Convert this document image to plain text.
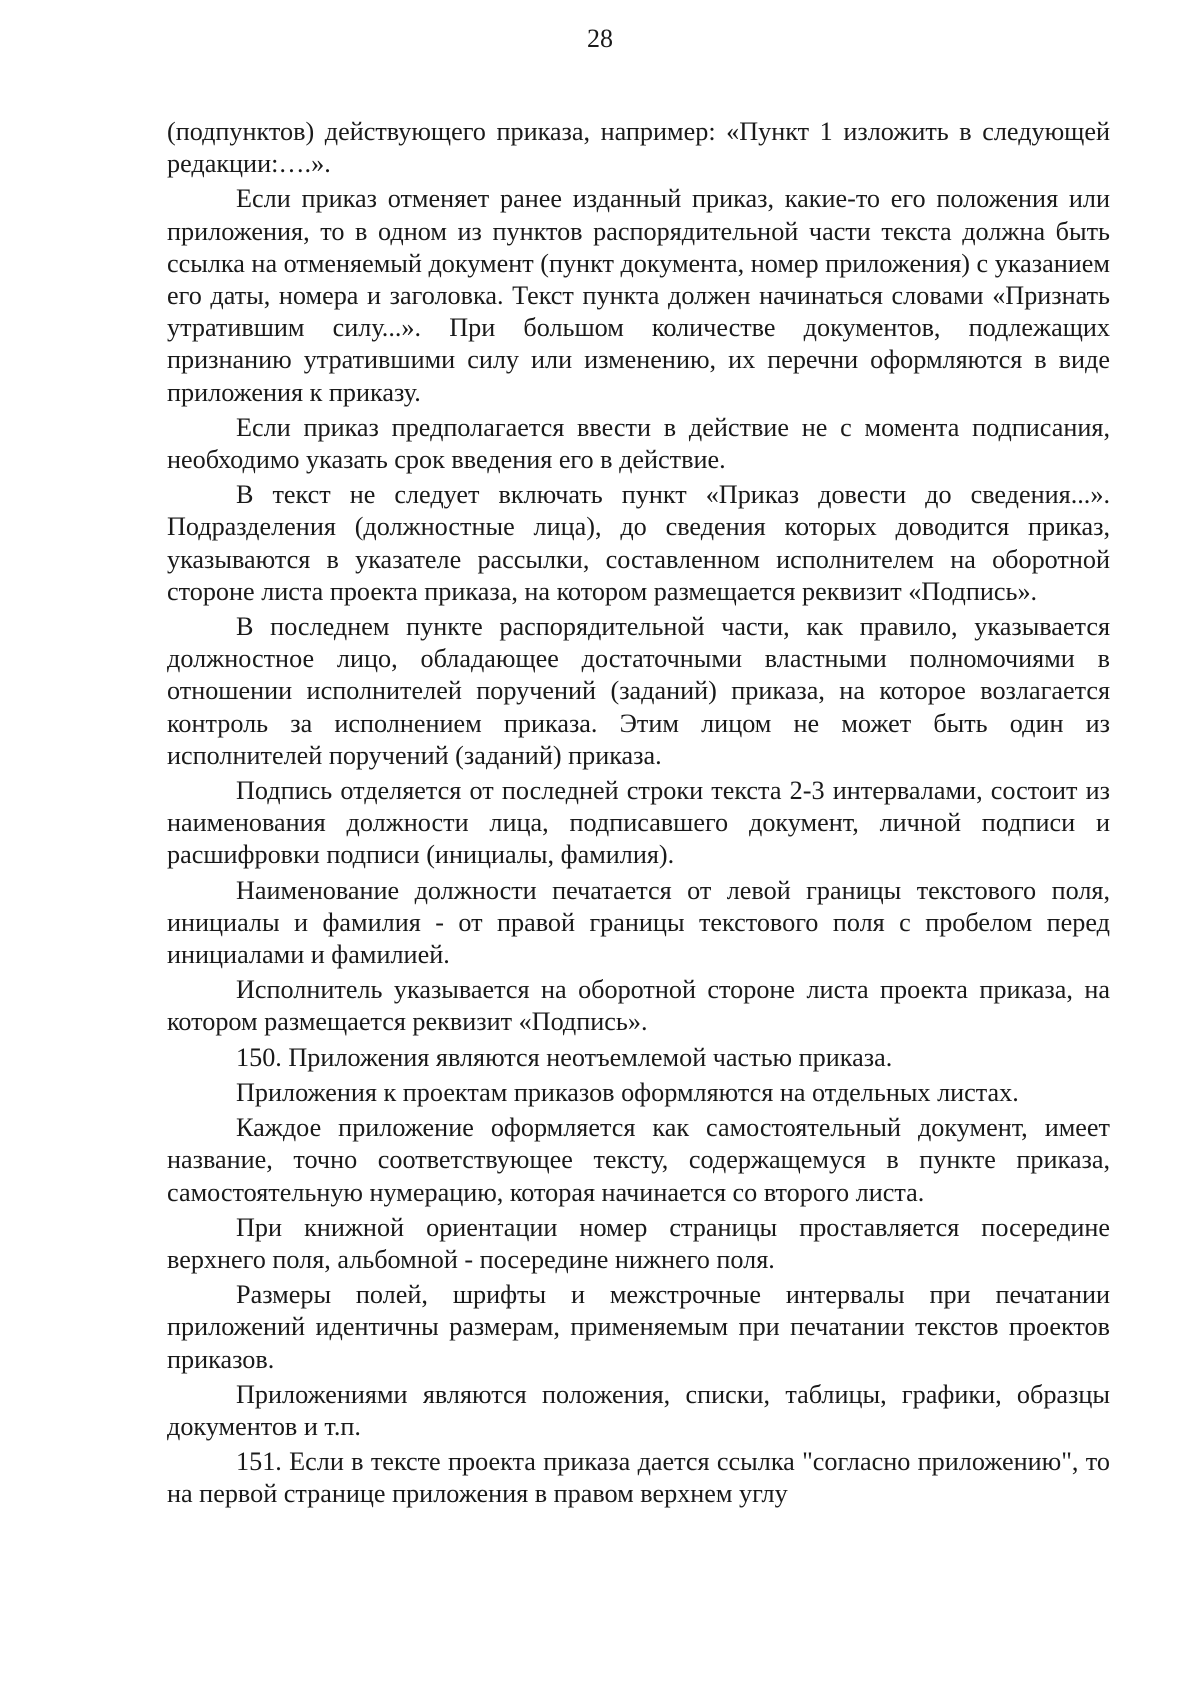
28

(подпунктов) действующего приказа, например: «Пункт 1 изложить в следующей редакции:….».

Если приказ отменяет ранее изданный приказ, какие-то его положения или приложения, то в одном из пунктов распорядительной части текста должна быть ссылка на отменяемый документ (пункт документа, номер приложения) с указанием его даты, номера и заголовка. Текст пункта должен начинаться словами «Признать утратившим силу...». При большом количестве документов, подлежащих признанию утратившими силу или изменению, их перечни оформляются в виде приложения к приказу.

Если приказ предполагается ввести в действие не с момента подписания, необходимо указать срок введения его в действие.

В текст не следует включать пункт «Приказ довести до сведения...». Подразделения (должностные лица), до сведения которых доводится приказ, указываются в указателе рассылки, составленном исполнителем на оборотной стороне листа проекта приказа, на котором размещается реквизит «Подпись».

В последнем пункте распорядительной части, как правило, указывается должностное лицо, обладающее достаточными властными полномочиями в отношении исполнителей поручений (заданий) приказа, на которое возлагается контроль за исполнением приказа. Этим лицом не может быть один из исполнителей поручений (заданий) приказа.

Подпись отделяется от последней строки текста 2-3 интервалами, состоит из наименования должности лица, подписавшего документ, личной подписи и расшифровки подписи (инициалы, фамилия).

Наименование должности печатается от левой границы текстового поля, инициалы и фамилия - от правой границы текстового поля с пробелом перед инициалами и фамилией.

Исполнитель указывается на оборотной стороне листа проекта приказа, на котором размещается реквизит «Подпись».

150. Приложения являются неотъемлемой частью приказа.

Приложения к проектам приказов оформляются на отдельных листах.

Каждое приложение оформляется как самостоятельный документ, имеет название, точно соответствующее тексту, содержащемуся в пункте приказа, самостоятельную нумерацию, которая начинается со второго листа.

При книжной ориентации номер страницы проставляется посередине верхнего поля, альбомной - посередине нижнего поля.

Размеры полей, шрифты и межстрочные интервалы при печатании приложений идентичны размерам, применяемым при печатании текстов проектов приказов.

Приложениями являются положения, списки, таблицы, графики, образцы документов и т.п.

151. Если в тексте проекта приказа дается ссылка "согласно приложению", то на первой странице приложения в правом верхнем углу
